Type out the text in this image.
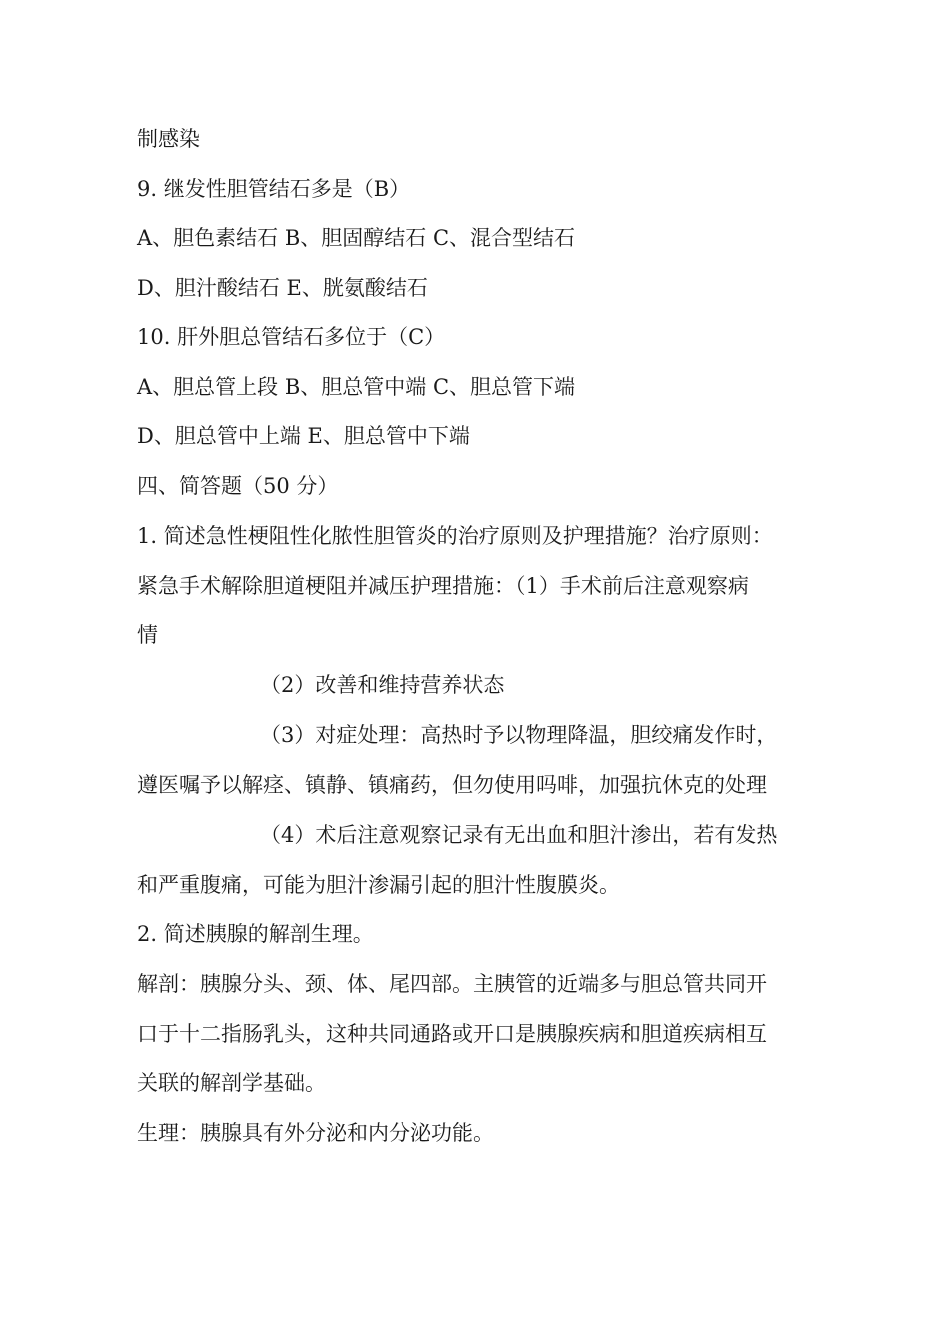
制感染
9. 继发性胆管结石多是（B）
A、胆色素结石 B、胆固醇结石 C、混合型结石
D、胆汁酸结石 E、胱氨酸结石
10. 肝外胆总管结石多位于（C）
A、胆总管上段 B、胆总管中端 C、胆总管下端
D、胆总管中上端 E、胆总管中下端
四、简答题（50 分）
1. 简述急性梗阻性化脓性胆管炎的治疗原则及护理措施？治疗原则：
紧急手术解除胆道梗阻并减压护理措施：（1）手术前后注意观察病
情
（2）改善和维持营养状态
（3）对症处理：高热时予以物理降温，胆绞痛发作时，
遵医嘱予以解痉、镇静、镇痛药，但勿使用吗啡，加强抗休克的处理
（4）术后注意观察记录有无出血和胆汁渗出，若有发热
和严重腹痛，可能为胆汁渗漏引起的胆汁性腹膜炎。
2. 简述胰腺的解剖生理。
解剖：胰腺分头、颈、体、尾四部。主胰管的近端多与胆总管共同开
口于十二指肠乳头，这种共同通路或开口是胰腺疾病和胆道疾病相互
关联的解剖学基础。
生理：胰腺具有外分泌和内分泌功能。
